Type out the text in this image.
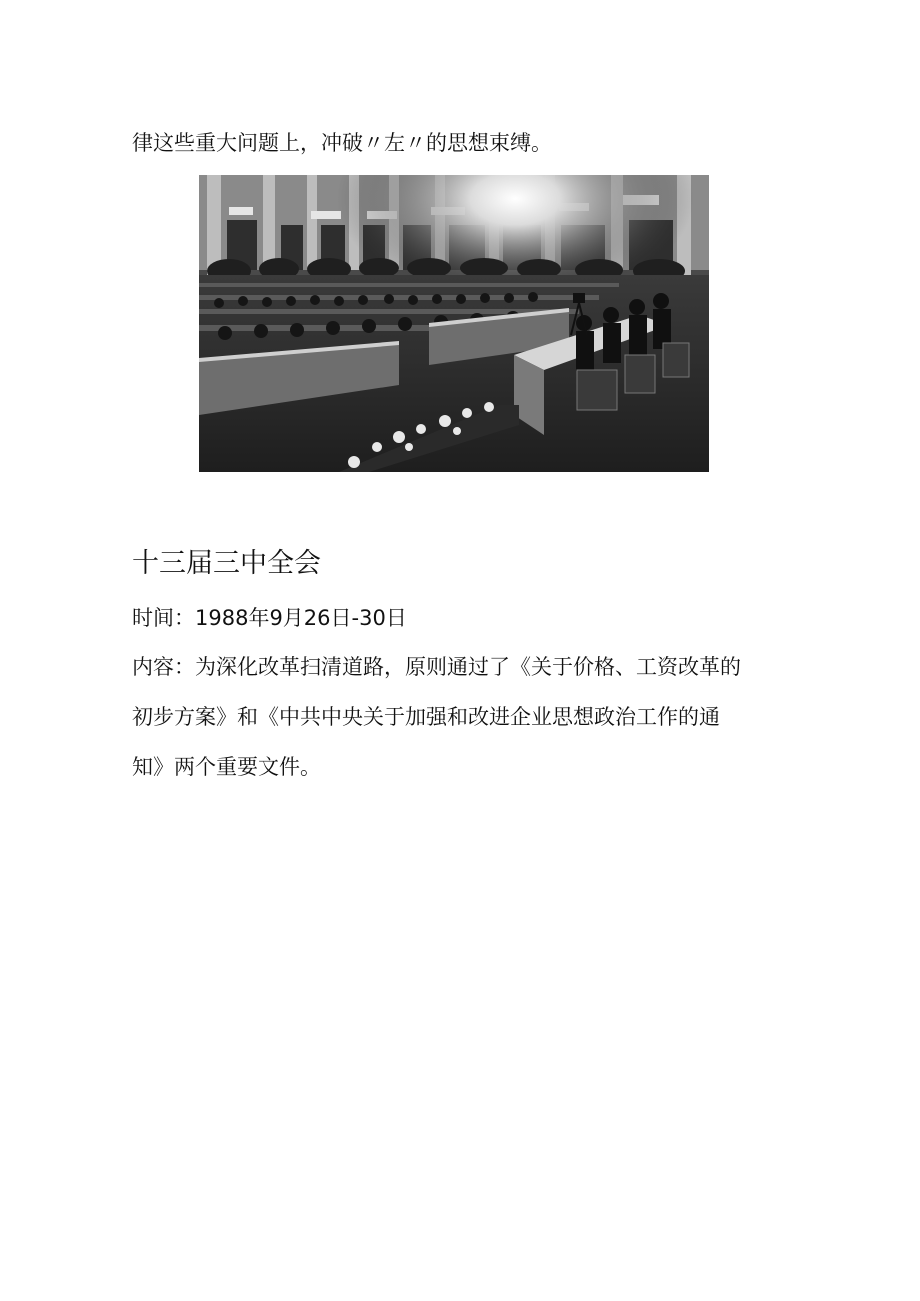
律这些重大问题上，冲破〃左〃的思想束缚。
十三届三中全会
时间：1988年9月26日-30日
内容：为深化改革扫清道路，原则通过了《关于价格、工资改革的
初步方案》和《中共中央关于加强和改进企业思想政治工作的通
知》两个重要文件。
